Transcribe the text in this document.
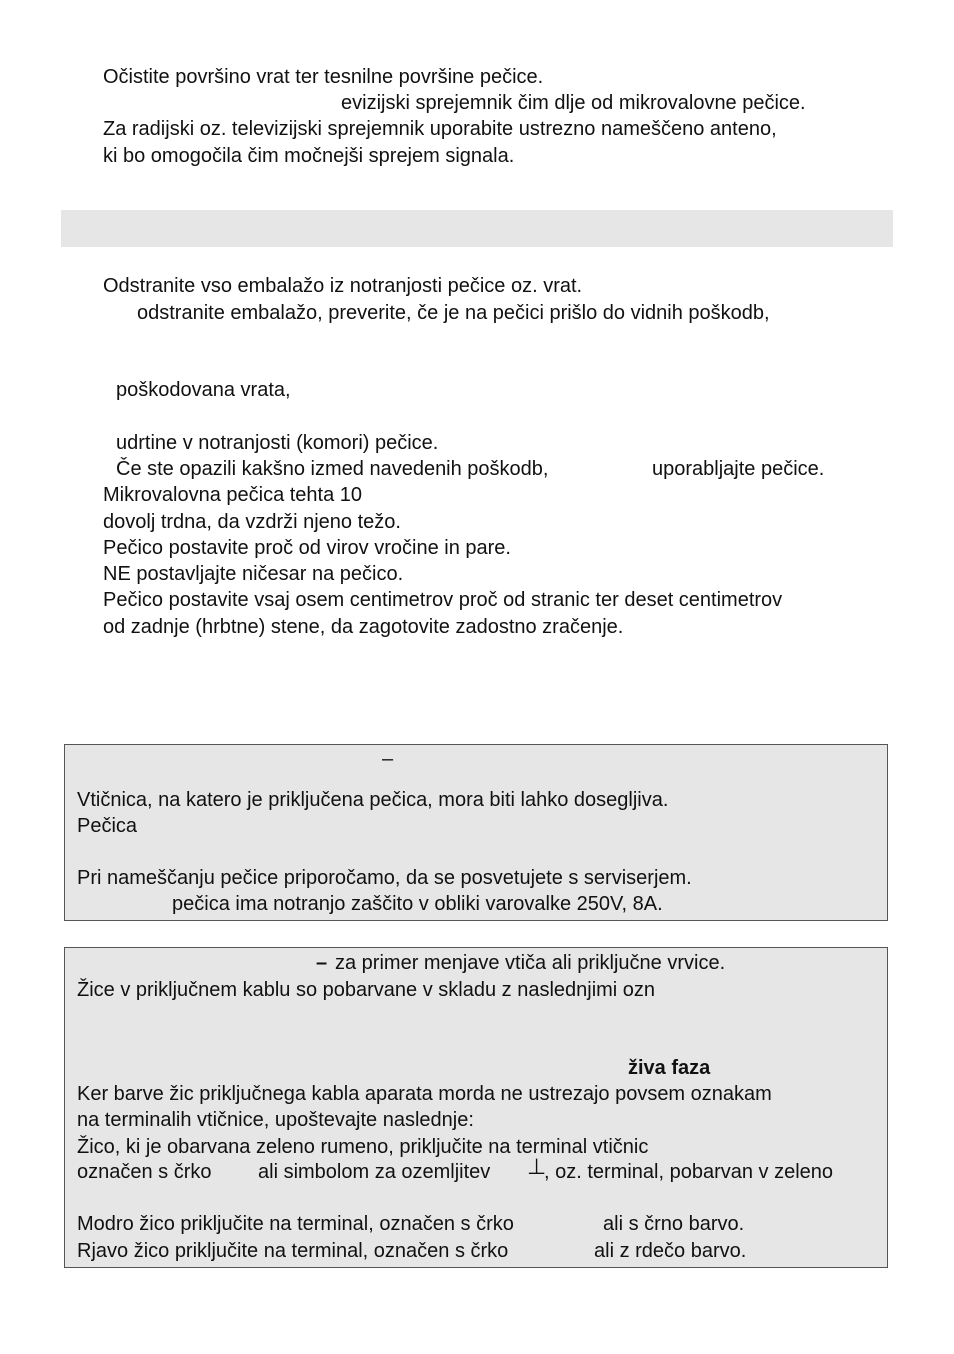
Očistite površino vrat ter tesnilne površine pečice.
evizijski sprejemnik čim dlje od mikrovalovne pečice.
Za radijski oz. televizijski sprejemnik uporabite ustrezno nameščeno anteno,
ki bo omogočila čim močnejši sprejem signala.
Odstranite vso embalažo iz notranjosti pečice oz. vrat.
odstranite embalažo, preverite, če je na pečici prišlo do vidnih poškodb,
poškodovana vrata,
udrtine v notranjosti (komori) pečice.
Če ste opazili kakšno izmed navedenih poškodb,	uporabljajte pečice.
Mikrovalovna pečica tehta 10
dovolj trdna, da vzdrži njeno težo.
Pečico postavite proč od virov vročine in pare.
NE postavljajte ničesar na pečico.
Pečico postavite vsaj osem centimetrov proč od stranic ter deset centimetrov
od zadnje (hrbtne) stene, da zagotovite zadostno zračenje.
–
Vtičnica, na katero je priključena pečica, mora biti lahko dosegljiva.
Pečica
Pri nameščanju pečice priporočamo, da se posvetujete s serviserjem.
pečica ima notranjo zaščito v obliki varovalke 250V, 8A.
– za primer menjave vtiča ali priključne vrvice.
Žice v priključnem kablu so pobarvane v skladu z naslednjimi ozn
živa faza
Ker barve žic priključnega kabla aparata morda ne ustrezajo povsem oznakam
na terminalih vtičnice, upoštevajte naslednje:
Žico, ki je obarvana zeleno rumeno, priključite na terminal vtičnic
označen s črko ali simbolom za ozemljitev ⊥
, oz. terminal, pobarvan v zeleno
Modro žico priključite na terminal, označen s črko	ali s črno barvo.
Rjavo žico priključite na terminal, označen s črko	ali z rdečo barvo.
